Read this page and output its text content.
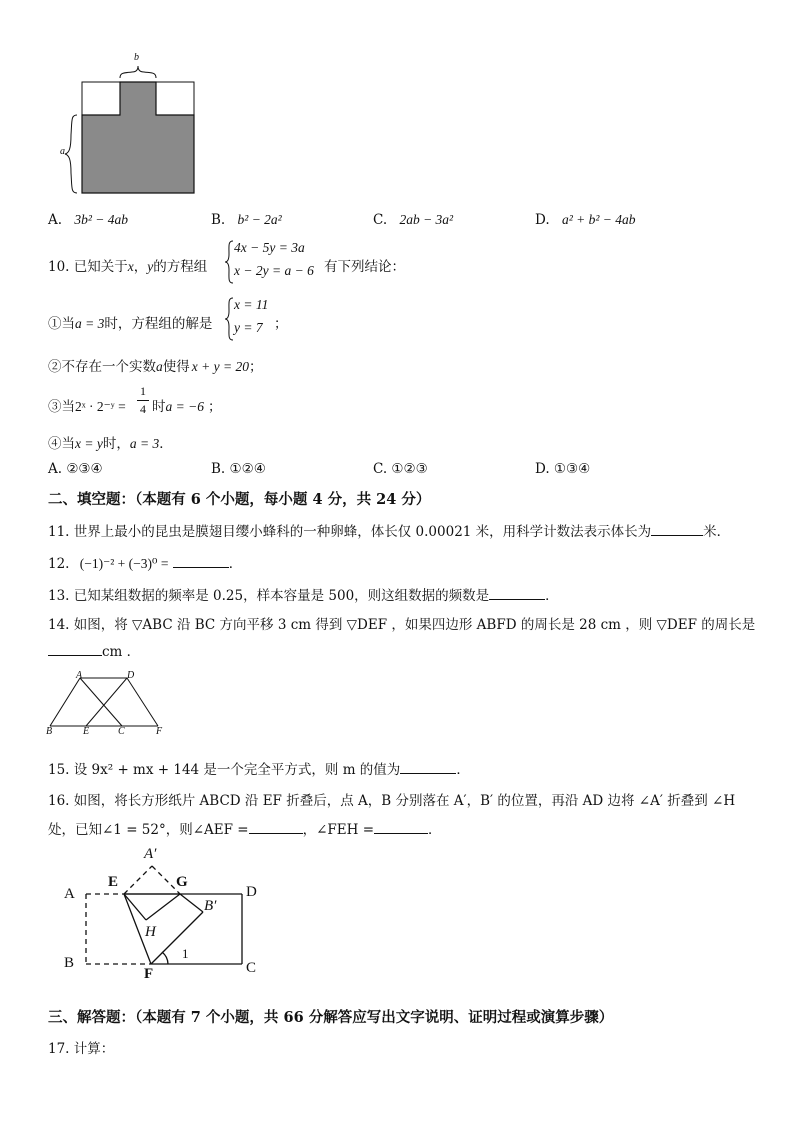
b
a
A. 3b² − 4ab	B. b² − 2a²	C. 2ab − 3a²	D. a² + b² − 4ab
10. 已知关于x，y的方程组
4x − 5y = 3a
x − 2y = a − 6 有下列结论：
①当a = 3时，方程组的解是
x = 11
y = 7 ；
②不存在一个实数a使得 x + y = 20；
③当2ˣ · 2⁻ʸ =
1
4 时a = −6 ；
④当x = y时，a = 3．
A. ②③④	B. ①②④	C. ①②③	D. ①③④
二、填空题：（本题有 6 个小题，每小题 4 分，共 24 分）
11. 世界上最小的昆虫是膜翅目缨小蜂科的一种卵蜂，体长仅 0.00021 米，用科学计数法表示体长为	米．
12. (−1)⁻² + (−3)⁰ =	．
13. 已知某组数据的频率是 0.25，样本容量是 500，则这组数据的频数是	．
14. 如图，将 ▽ABC 沿 BC 方向平移 3 cm 得到 ▽DEF ，如果四边形 ABFD 的周长是 28 cm ，则 ▽DEF 的周长是
cm ．
A	D
B	E	C	F
15. 设 9x² + mx + 144 是一个完全平方式，则 m 的值为	．
16. 如图，将长方形纸片 ABCD 沿 EF 折叠后，点 A，B 分别落在 A′，B′ 的位置，再沿 AD 边将 ∠A′ 折叠到 ∠H
处，已知∠1 = 52°，则∠AEF =	，∠FEH =	．
A′
A
E	G
D
B′
H
B
F	C
1
三、解答题：（本题有 7 个小题，共 66 分解答应写出文字说明、证明过程或演算步骤）
17. 计算：
